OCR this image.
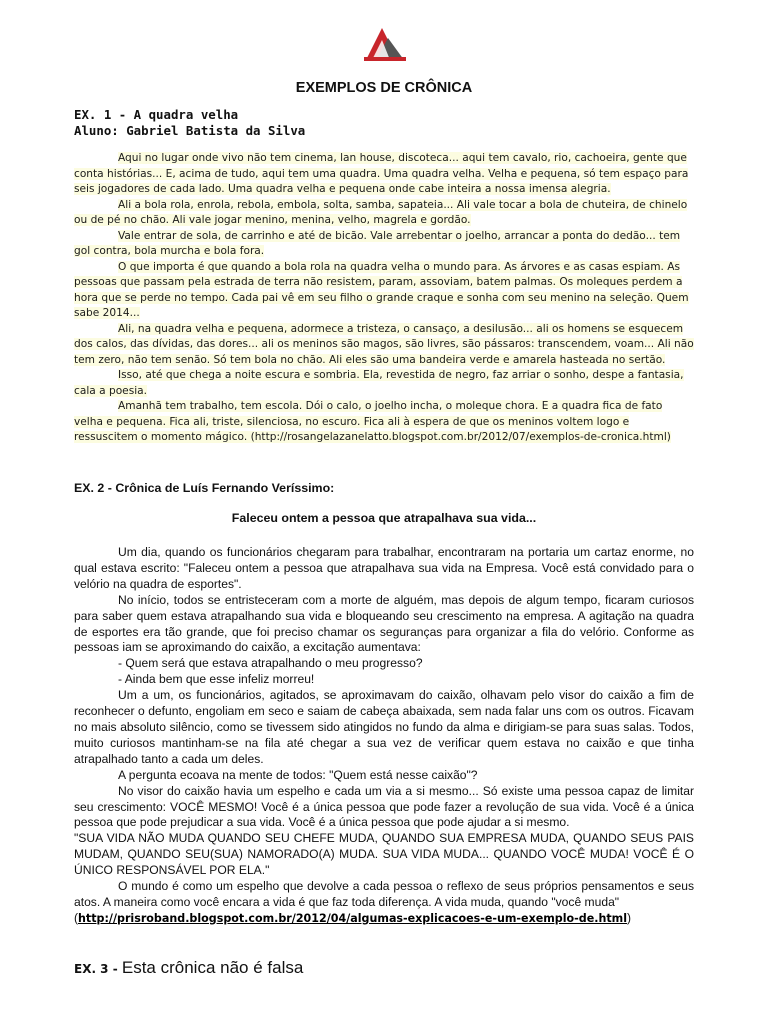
EXEMPLOS DE CRÔNICA
EX. 1 - A quadra velha
Aluno: Gabriel Batista da Silva

Aqui no lugar onde vivo não tem cinema, lan house, discoteca... aqui tem cavalo, rio, cachoeira, gente que conta histórias... E, acima de tudo, aqui tem uma quadra. Uma quadra velha. Velha e pequena, só tem espaço para seis jogadores de cada lado. Uma quadra velha e pequena onde cabe inteira a nossa imensa alegria.

Ali a bola rola, enrola, rebola, embola, solta, samba, sapateia... Ali vale tocar a bola de chuteira, de chinelo ou de pé no chão. Ali vale jogar menino, menina, velho, magrela e gordão.

Vale entrar de sola, de carrinho e até de bicão. Vale arrebentar o joelho, arrancar a ponta do dedão... tem gol contra, bola murcha e bola fora.

O que importa é que quando a bola rola na quadra velha o mundo para. As árvores e as casas espiam. As pessoas que passam pela estrada de terra não resistem, param, assoviam, batem palmas. Os moleques perdem a hora que se perde no tempo. Cada pai vê em seu filho o grande craque e sonha com seu menino na seleção. Quem sabe 2014...

Ali, na quadra velha e pequena, adormece a tristeza, o cansaço, a desilusão... ali os homens se esquecem dos calos, das dívidas, das dores... ali os meninos são magos, são livres, são pássaros: transcendem, voam... Ali não tem zero, não tem senão. Só tem bola no chão. Ali eles são uma bandeira verde e amarela hasteada no sertão.

Isso, até que chega a noite escura e sombria. Ela, revestida de negro, faz arriar o sonho, despe a fantasia, cala a poesia.

Amanhã tem trabalho, tem escola. Dói o calo, o joelho incha, o moleque chora. E a quadra fica de fato velha e pequena. Fica ali, triste, silenciosa, no escuro. Fica ali à espera de que os meninos voltem logo e ressuscitem o momento mágico. (http://rosangelazanelatto.blogspot.com.br/2012/07/exemplos-de-cronica.html)

EX. 2 - Crônica de Luís Fernando Veríssimo:
Faleceu ontem a pessoa que atrapalhava sua vida...

Um dia, quando os funcionários chegaram para trabalhar, encontraram na portaria um cartaz enorme, no qual estava escrito: "Faleceu ontem a pessoa que atrapalhava sua vida na Empresa. Você está convidado para o velório na quadra de esportes".

No início, todos se entristeceram com a morte de alguém, mas depois de algum tempo, ficaram curiosos para saber quem estava atrapalhando sua vida e bloqueando seu crescimento na empresa. A agitação na quadra de esportes era tão grande, que foi preciso chamar os seguranças para organizar a fila do velório. Conforme as pessoas iam se aproximando do caixão, a excitação aumentava:

- Quem será que estava atrapalhando o meu progresso?

- Ainda bem que esse infeliz morreu!

Um a um, os funcionários, agitados, se aproximavam do caixão, olhavam pelo visor do caixão a fim de reconhecer o defunto, engoliam em seco e saiam de cabeça abaixada, sem nada falar uns com os outros. Ficavam no mais absoluto silêncio, como se tivessem sido atingidos no fundo da alma e dirigiam-se para suas salas. Todos, muito curiosos mantinham-se na fila até chegar a sua vez de verificar quem estava no caixão e que tinha atrapalhado tanto a cada um deles.

A pergunta ecoava na mente de todos: "Quem está nesse caixão"?

No visor do caixão havia um espelho e cada um via a si mesmo... Só existe uma pessoa capaz de limitar seu crescimento: VOCÊ MESMO! Você é a única pessoa que pode fazer a revolução de sua vida. Você é a única pessoa que pode prejudicar a sua vida. Você é a única pessoa que pode ajudar a si mesmo.

"SUA VIDA NÃO MUDA QUANDO SEU CHEFE MUDA, QUANDO SUA EMPRESA MUDA, QUANDO SEUS PAIS MUDAM, QUANDO SEU(SUA) NAMORADO(A) MUDA. SUA VIDA MUDA... QUANDO VOCÊ MUDA! VOCÊ É O ÚNICO RESPONSÁVEL POR ELA."

O mundo é como um espelho que devolve a cada pessoa o reflexo de seus próprios pensamentos e seus atos. A maneira como você encara a vida é que faz toda diferença. A vida muda, quando "você muda"

(http://prisroband.blogspot.com.br/2012/04/algumas-explicacoes-e-um-exemplo-de.html)

EX. 3 - Esta crônica não é falsa
